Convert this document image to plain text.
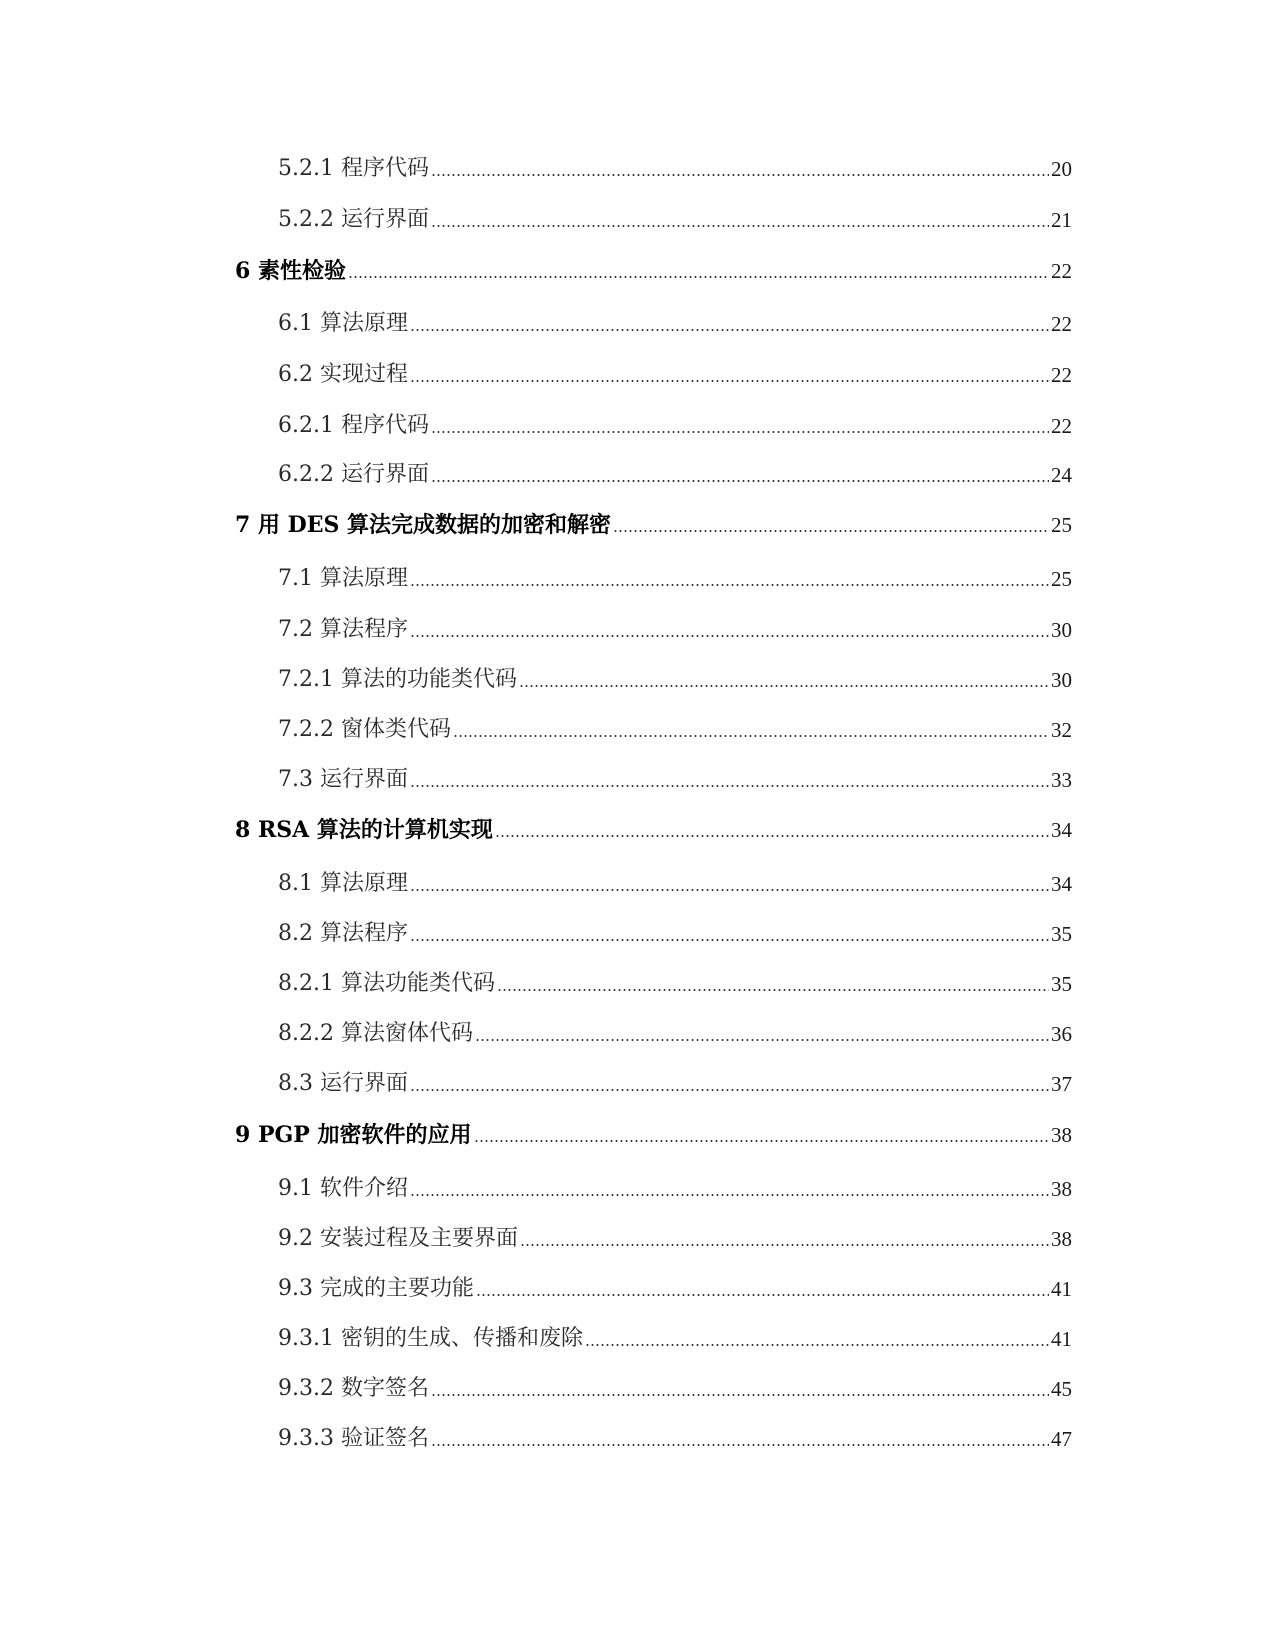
5.2.1 程序代码	20
5.2.2 运行界面	21
6 素性检验	22
6.1 算法原理	22
6.2 实现过程	22
6.2.1 程序代码	22
6.2.2 运行界面	24
7 用 DES 算法完成数据的加密和解密	25
7.1 算法原理	25
7.2 算法程序	30
7.2.1 算法的功能类代码	30
7.2.2 窗体类代码	32
7.3 运行界面	33
8 RSA 算法的计算机实现	34
8.1 算法原理	34
8.2 算法程序	35
8.2.1 算法功能类代码	35
8.2.2 算法窗体代码	36
8.3 运行界面	37
9 PGP 加密软件的应用	38
9.1 软件介绍	38
9.2 安装过程及主要界面	38
9.3 完成的主要功能	41
9.3.1 密钥的生成、传播和废除	41
9.3.2 数字签名	45
9.3.3 验证签名	47
